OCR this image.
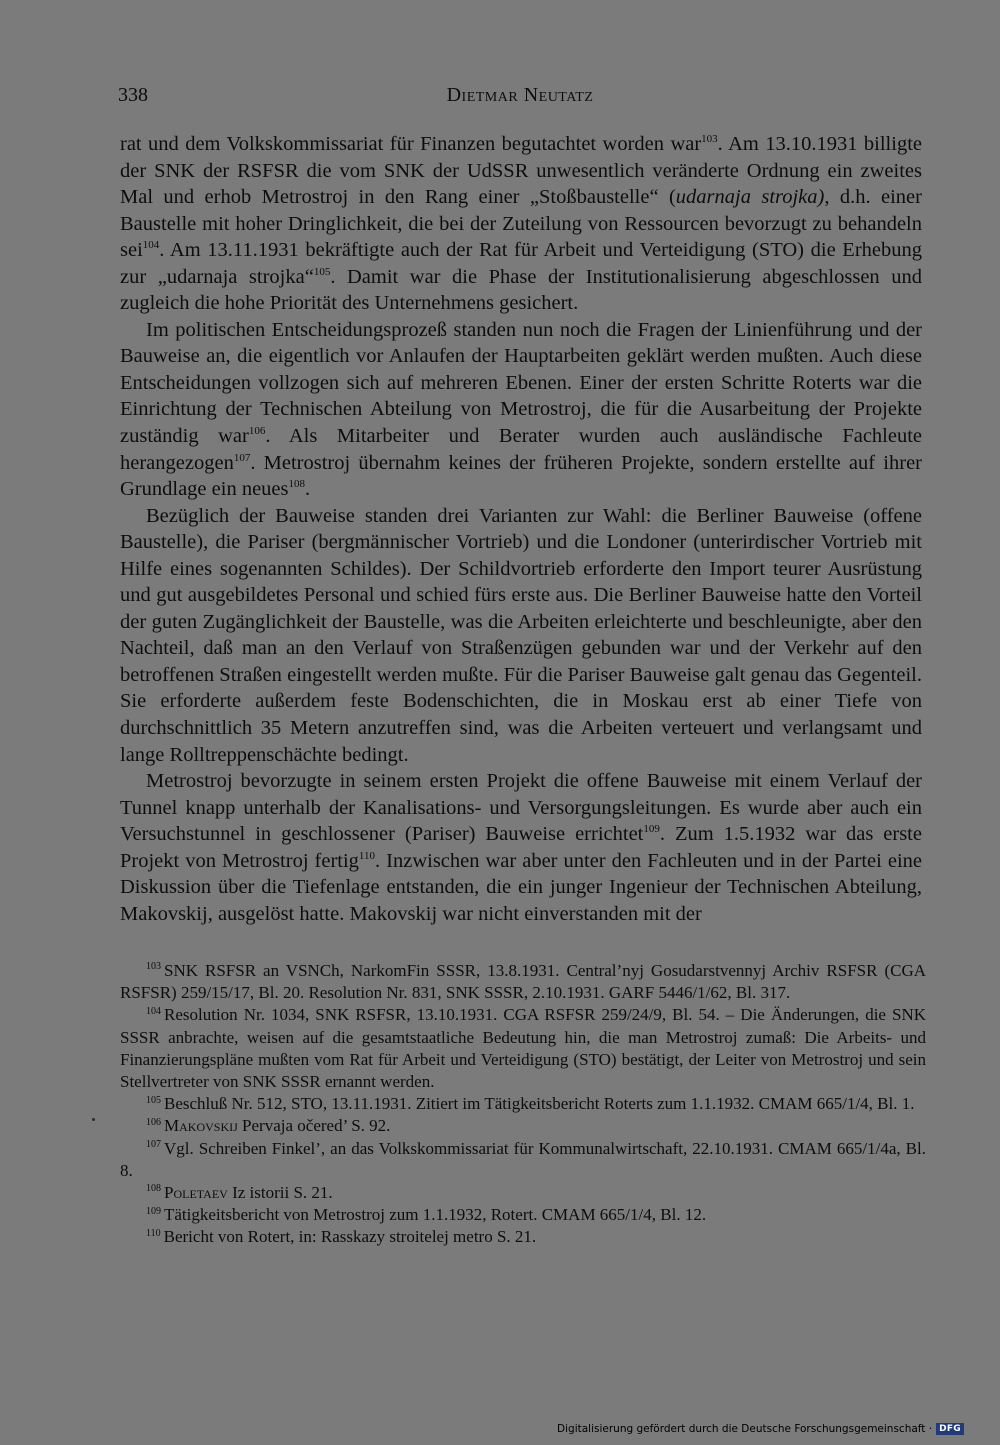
338	Dietmar Neutatz

rat und dem Volkskommissariat für Finanzen begutachtet worden war$^{103}$. Am 13.10.1931 billigte der SNK der RSFSR die vom SNK der UdSSR unwesentlich veränderte Ordnung ein zweites Mal und erhob Metrostroj in den Rang einer „Stoßbaustelle“ (udarnaja strojka), d.h. einer Baustelle mit hoher Dringlichkeit, die bei der Zuteilung von Ressourcen bevorzugt zu behandeln sei$^{104}$. Am 13.11.1931 bekräftigte auch der Rat für Arbeit und Verteidigung (STO) die Erhebung zur „udarnaja strojka“$^{105}$. Damit war die Phase der Institutionalisierung abgeschlossen und zugleich die hohe Priorität des Unternehmens gesichert.

Im politischen Entscheidungsprozeß standen nun noch die Fragen der Linienführung und der Bauweise an, die eigentlich vor Anlaufen der Hauptarbeiten geklärt werden mußten. Auch diese Entscheidungen vollzogen sich auf mehreren Ebenen. Einer der ersten Schritte Roterts war die Einrichtung der Technischen Abteilung von Metrostroj, die für die Ausarbeitung der Projekte zuständig war$^{106}$. Als Mitarbeiter und Berater wurden auch ausländische Fachleute herangezogen$^{107}$. Metrostroj übernahm keines der früheren Projekte, sondern erstellte auf ihrer Grundlage ein neues$^{108}$.

Bezüglich der Bauweise standen drei Varianten zur Wahl: die Berliner Bauweise (offene Baustelle), die Pariser (bergmännischer Vortrieb) und die Londoner (unterirdischer Vortrieb mit Hilfe eines sogenannten Schildes). Der Schildvortrieb erforderte den Import teurer Ausrüstung und gut ausgebildetes Personal und schied fürs erste aus. Die Berliner Bauweise hatte den Vorteil der guten Zugänglichkeit der Baustelle, was die Arbeiten erleichterte und beschleunigte, aber den Nachteil, daß man an den Verlauf von Straßenzügen gebunden war und der Verkehr auf den betroffenen Straßen eingestellt werden mußte. Für die Pariser Bauweise galt genau das Gegenteil. Sie erforderte außerdem feste Bodenschichten, die in Moskau erst ab einer Tiefe von durchschnittlich 35 Metern anzutreffen sind, was die Arbeiten verteuert und verlangsamt und lange Rolltreppenschächte bedingt.

Metrostroj bevorzugte in seinem ersten Projekt die offene Bauweise mit einem Verlauf der Tunnel knapp unterhalb der Kanalisations- und Versorgungsleitungen. Es wurde aber auch ein Versuchstunnel in geschlossener (Pariser) Bauweise errichtet$^{109}$. Zum 1.5.1932 war das erste Projekt von Metrostroj fertig$^{110}$. Inzwischen war aber unter den Fachleuten und in der Partei eine Diskussion über die Tiefenlage entstanden, die ein junger Ingenieur der Technischen Abteilung, Makovskij, ausgelöst hatte. Makovskij war nicht einverstanden mit der

$^{103}$ SNK RSFSR an VSNCh, NarkomFin SSSR, 13.8.1931. Central’nyj Gosudarstvennyj Archiv RSFSR (CGA RSFSR) 259/15/17, Bl. 20. Resolution Nr. 831, SNK SSSR, 2.10.1931. GARF 5446/1/62, Bl. 317.

$^{104}$ Resolution Nr. 1034, SNK RSFSR, 13.10.1931. CGA RSFSR 259/24/9, Bl. 54. – Die Änderungen, die SNK SSSR anbrachte, weisen auf die gesamtstaatliche Bedeutung hin, die man Metrostroj zumaß: Die Arbeits- und Finanzierungspläne mußten vom Rat für Arbeit und Verteidigung (STO) bestätigt, der Leiter von Metrostroj und sein Stellvertreter von SNK SSSR ernannt werden.

$^{105}$ Beschluß Nr. 512, STO, 13.11.1931. Zitiert im Tätigkeitsbericht Roterts zum 1.1.1932. CMAM 665/1/4, Bl. 1.

$^{106}$ Makovskij Pervaja očered’ S. 92.

$^{107}$ Vgl. Schreiben Finkel’, an das Volkskommissariat für Kommunalwirtschaft, 22.10.1931. CMAM 665/1/4a, Bl. 8.

$^{108}$ Poletaev Iz istorii S. 21.

$^{109}$ Tätigkeitsbericht von Metrostroj zum 1.1.1932, Rotert. CMAM 665/1/4, Bl. 12.

$^{110}$ Bericht von Rotert, in: Rasskazy stroitelej metro S. 21.

Digitalisierung gefördert durch die Deutsche Forschungsgemeinschaft · DFG
